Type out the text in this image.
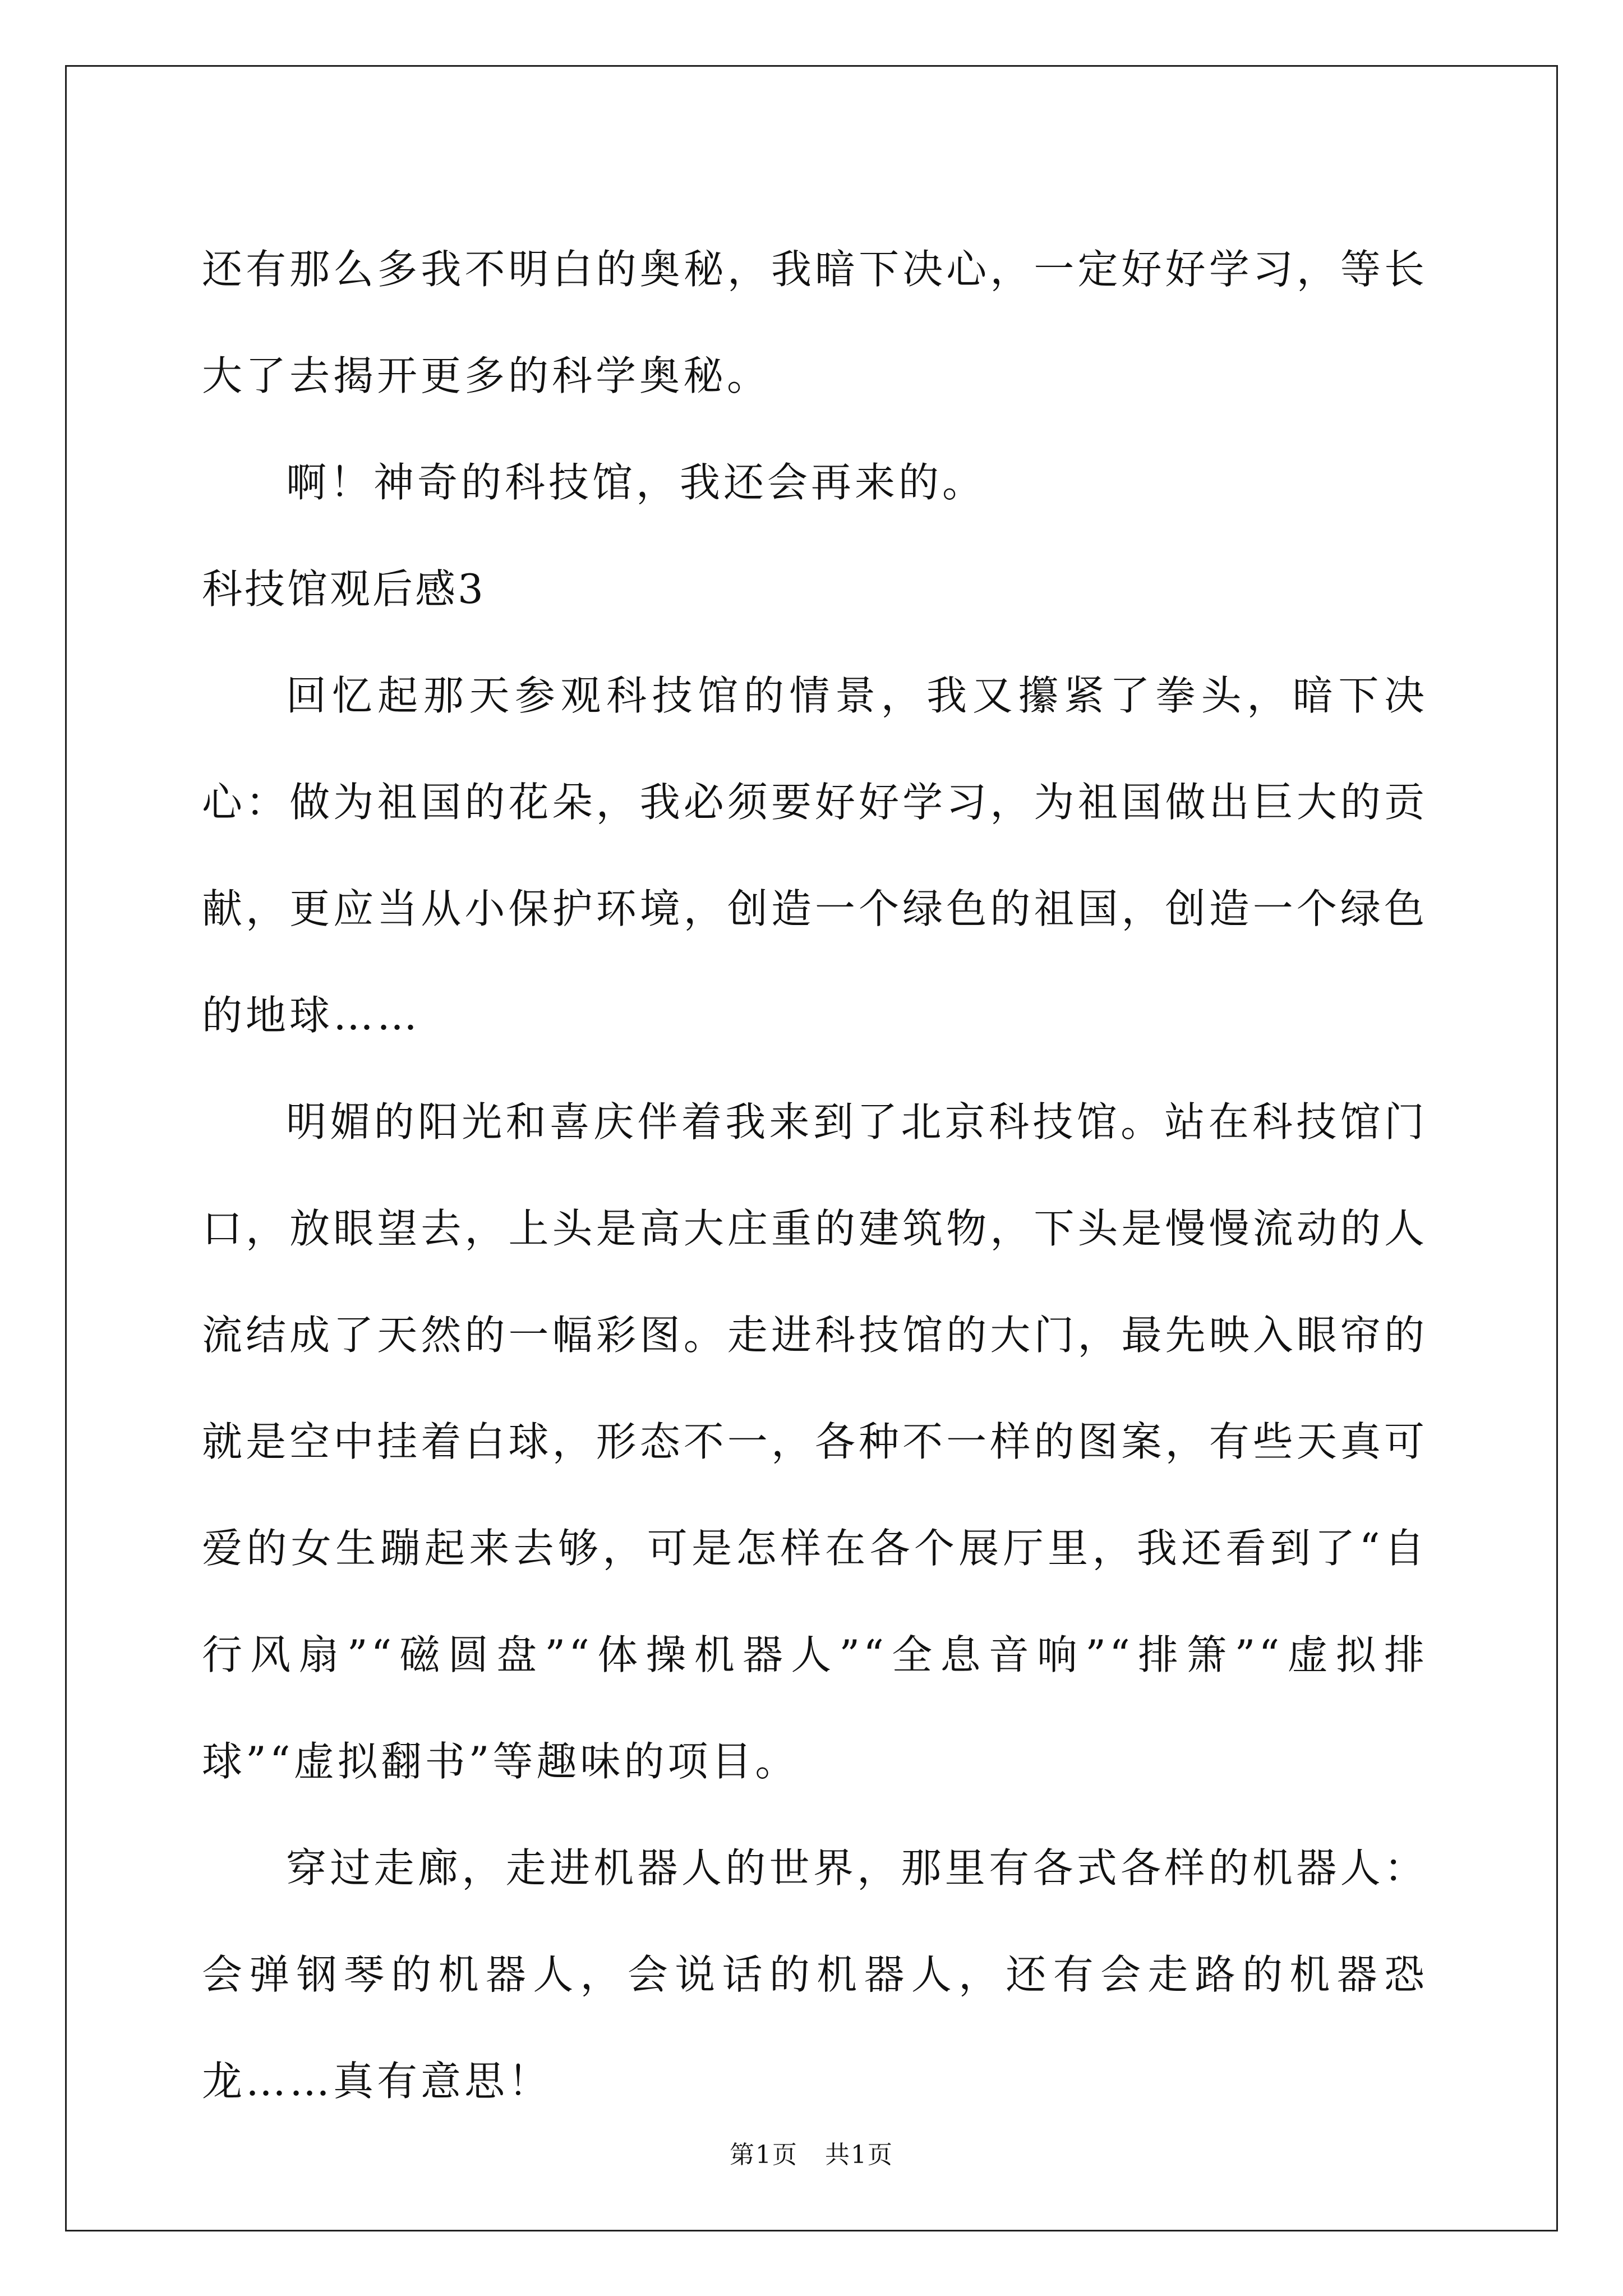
还有那么多我不明白的奥秘，我暗下决心，一定好好学习，等长大了去揭开更多的科学奥秘。

啊！神奇的科技馆，我还会再来的。

科技馆观后感3

回忆起那天参观科技馆的情景，我又攥紧了拳头，暗下决心：做为祖国的花朵，我必须要好好学习，为祖国做出巨大的贡献，更应当从小保护环境，创造一个绿色的祖国，创造一个绿色的地球……

明媚的阳光和喜庆伴着我来到了北京科技馆。站在科技馆门口，放眼望去，上头是高大庄重的建筑物，下头是慢慢流动的人流结成了天然的一幅彩图。走进科技馆的大门，最先映入眼帘的就是空中挂着白球，形态不一，各种不一样的图案，有些天真可爱的女生蹦起来去够，可是怎样在各个展厅里，我还看到了“自行风扇”“磁圆盘”“体操机器人”“全息音响”“排箫”“虚拟排球”“虚拟翻书”等趣味的项目。

穿过走廊，走进机器人的世界，那里有各式各样的机器人：会弹钢琴的机器人，会说话的机器人，还有会走路的机器恐龙……真有意思！

第1页 共1页
